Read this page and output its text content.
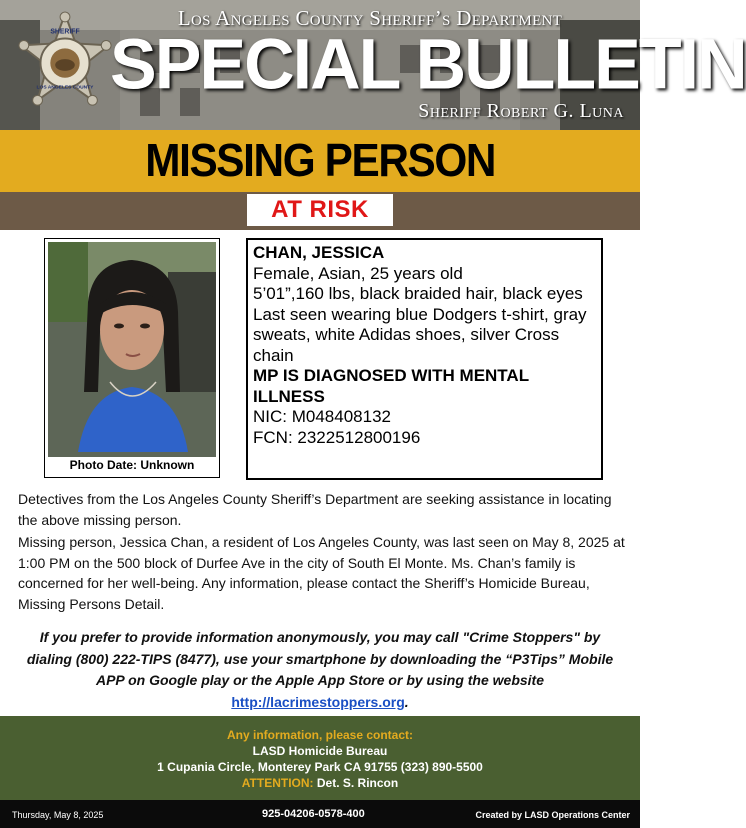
SHERIFF
LOS ANGELES COUNTY
Los Angeles County Sheriff’s Department
SPECIAL BULLETIN
Sheriff Robert G. Luna
MISSING PERSON
AT RISK
Photo Date: Unknown
CHAN, JESSICA
Female, Asian, 25 years old
5’01”,160 lbs, black braided hair, black eyes
Last seen wearing blue Dodgers t-shirt, gray sweats, white Adidas shoes, silver Cross chain
MP IS DIAGNOSED WITH MENTAL ILLNESS
NIC: M048408132
FCN: 2322512800196
Detectives from the Los Angeles County Sheriff’s Department are seeking assistance in locating the above missing person.
Missing person, Jessica Chan, a resident of Los Angeles County, was last seen on May 8, 2025 at 1:00 PM on the 500 block of Durfee Ave in the city of South El Monte. Ms. Chan’s family is concerned for her well-being. Any information, please contact the Sheriff’s Homicide Bureau, Missing Persons Detail.
If you prefer to provide information anonymously, you may call "Crime Stoppers" by dialing (800) 222-TIPS (8477), use your smartphone by downloading the “P3Tips” Mobile APP on Google play or the Apple App Store or by using the website
http://lacrimestoppers.org.
Any information, please contact:
LASD Homicide Bureau
1 Cupania Circle, Monterey Park CA 91755 (323) 890-5500
ATTENTION: Det. S. Rincon
Thursday, May 8, 2025	925-04206-0578-400	Created by LASD Operations Center
